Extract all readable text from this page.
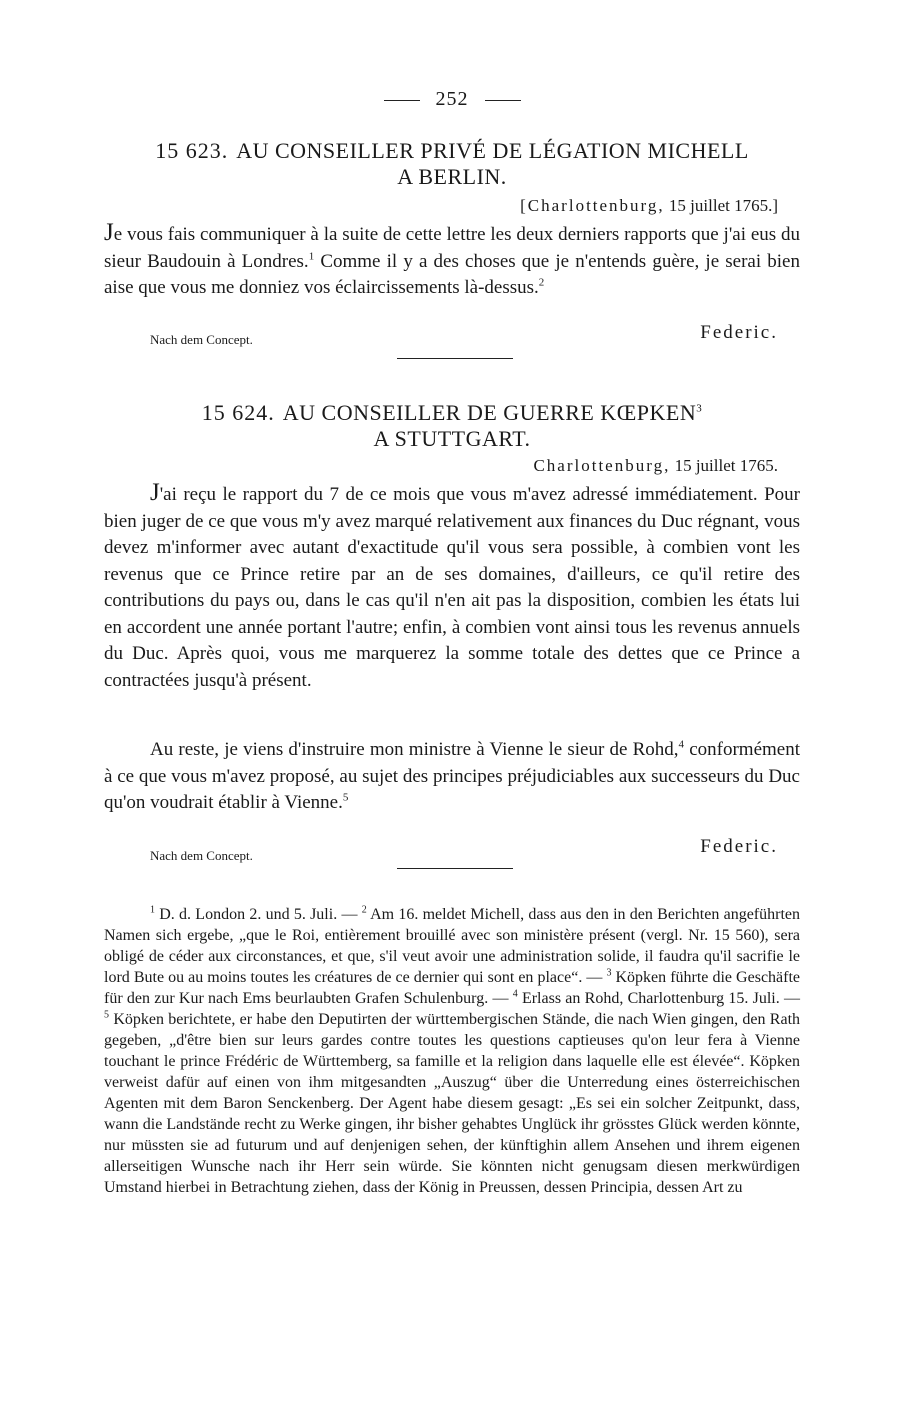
252
15 623. AU CONSEILLER PRIVÉ DE LÉGATION MICHELL
A BERLIN.
[Charlottenburg, 15 juillet 1765.]
Je vous fais communiquer à la suite de cette lettre les deux derniers rapports que j'ai eus du sieur Baudouin à Londres.$^1$ Comme il y a des choses que je n'entends guère, je serai bien aise que vous me donniez vos éclaircissements là-dessus.$^2$
Nach dem Concept.	Federic.
15 624. AU CONSEILLER DE GUERRE KŒPKEN$^3$
A STUTTGART.
Charlottenburg, 15 juillet 1765.
J'ai reçu le rapport du 7 de ce mois que vous m'avez adressé immédiatement. Pour bien juger de ce que vous m'y avez marqué relativement aux finances du Duc régnant, vous devez m'informer avec autant d'exactitude qu'il vous sera possible, à combien vont les revenus que ce Prince retire par an de ses domaines, d'ailleurs, ce qu'il retire des contributions du pays ou, dans le cas qu'il n'en ait pas la disposition, combien les états lui en accordent une année portant l'autre; enfin, à combien vont ainsi tous les revenus annuels du Duc. Après quoi, vous me marquerez la somme totale des dettes que ce Prince a contractées jusqu'à présent.
Au reste, je viens d'instruire mon ministre à Vienne le sieur de Rohd,$^4$ conformément à ce que vous m'avez proposé, au sujet des principes préjudiciables aux successeurs du Duc qu'on voudrait établir à Vienne.$^5$
Nach dem Concept.	Federic.
$^1$ D. d. London 2. und 5. Juli. — $^2$ Am 16. meldet Michell, dass aus den in den Berichten angeführten Namen sich ergebe, „que le Roi, entièrement brouillé avec son ministère présent (vergl. Nr. 15 560), sera obligé de céder aux circonstances, et que, s'il veut avoir une administration solide, il faudra qu'il sacrifie le lord Bute ou au moins toutes les créatures de ce dernier qui sont en place“. — $^3$ Köpken führte die Geschäfte für den zur Kur nach Ems beurlaubten Grafen Schulenburg. — $^4$ Erlass an Rohd, Charlottenburg 15. Juli. — $^5$ Köpken berichtete, er habe den Deputirten der württembergischen Stände, die nach Wien gingen, den Rath gegeben, „d'être bien sur leurs gardes contre toutes les questions captieuses qu'on leur fera à Vienne touchant le prince Frédéric de Württemberg, sa famille et la religion dans laquelle elle est élevée“. Köpken verweist dafür auf einen von ihm mitgesandten „Auszug“ über die Unterredung eines österreichischen Agenten mit dem Baron Senckenberg. Der Agent habe diesem gesagt: „Es sei ein solcher Zeitpunkt, dass, wann die Landstände recht zu Werke gingen, ihr bisher gehabtes Unglück ihr grösstes Glück werden könnte, nur müssten sie ad futurum und auf denjenigen sehen, der künftighin allem Ansehen und ihrem eigenen allerseitigen Wunsche nach ihr Herr sein würde. Sie könnten nicht genugsam diesen merkwürdigen Umstand hierbei in Betrachtung ziehen, dass der König in Preussen, dessen Principia, dessen Art zu
